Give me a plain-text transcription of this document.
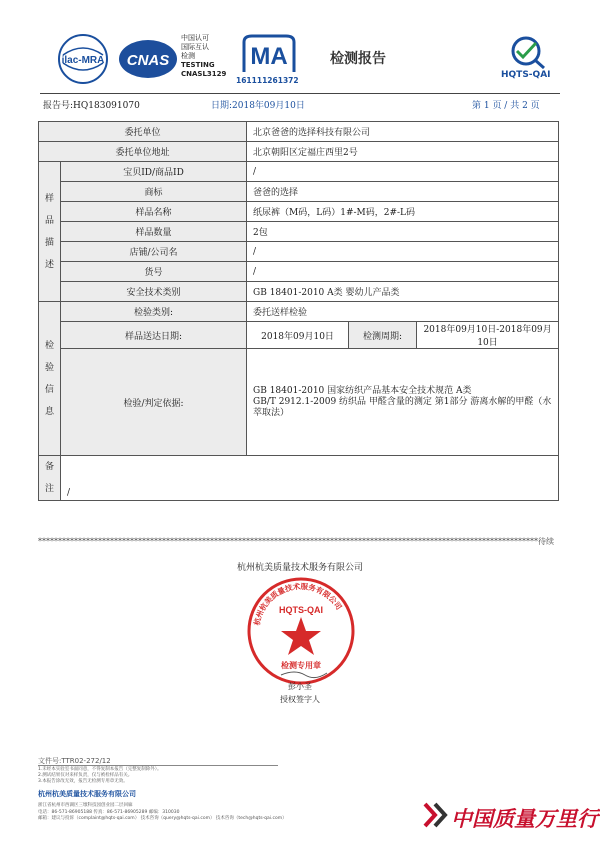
ilac-MRA CNAS
中国认可
国际互认
检测
TESTING
CNASL3129
MA
161111261372
检测报告
HQTS-QAI
报告号:HQ183091070	日期:2018年09月10日	第 1 页 / 共 2 页
委托单位		北京爸爸的选择科技有限公司		
委托单位地址		北京朝阳区定福庄西里2号		

样
品
描
述	宝贝ID/商品ID	/		
	商标	爸爸的选择		
	样品名称	纸尿裤（M码，L码）1#-M码，2#-L码		
	样品数量	2包		
	店铺/公司名	/		
	货号	/		
	安全技术类别	GB 18401-2010 A类 婴幼儿产品类		

检
验
信
息	检验类别:	委托送样检验		
	样品送达日期:	2018年09月10日	检测周期:	2018年09月10日-2018年09月10日
	检验/判定依据:	GB 18401-2010 国家纺织产品基本安全技术规范 A类
GB/T 2912.1-2009 纺织品 甲醛含量的测定 第1部分 游离水解的甲醛（水萃取法）		

备
注	/			
*****************************************************************************************************************************待续
杭州杭美质量技术服务有限公司
杭州杭美质量技术服务有限公司
HQTS-QAI
检测专用章
彭小圣
授权签字人
文件号:TTR02-272/12
1.未经本实验室书面同意，不得复制本报告（完整复制除外）。
2.测试结果仅对来样负责，仅与被检样品有关。
3.本报告涂改无效，报告无检测专用章无效。
杭州杭美质量技术服务有限公司
浙江省杭州市西湖区三墩科技园创业园二层回廊
电话：86-571-86905188 传真：86-571-86905289 邮编：310030
邮箱：建议与投诉（complaint@hqts-qai.com） 技术咨询（query@hqts-qai.com） 技术咨询（tech@hqts-qai.com）	中国质量万里行
